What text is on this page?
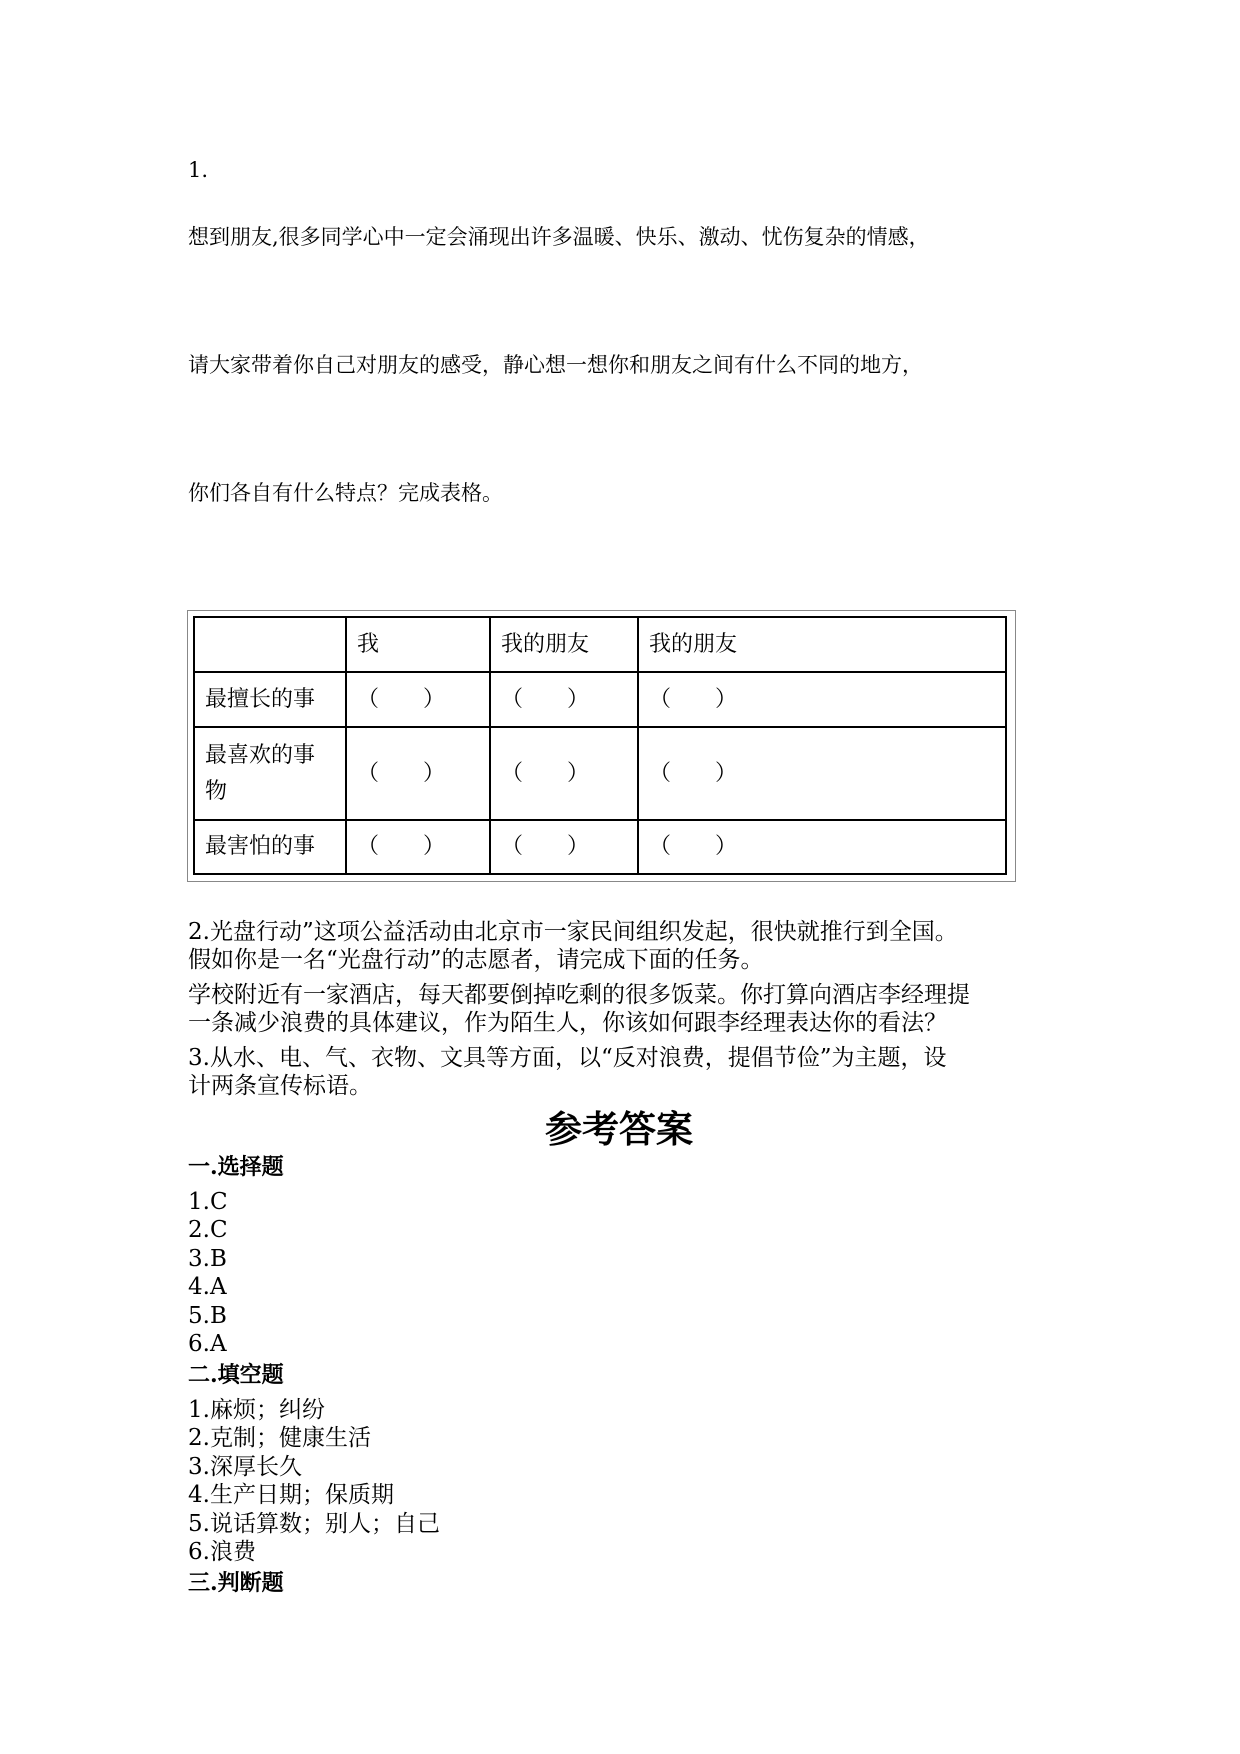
1.
想到朋友,很多同学心中一定会涌现出许多温暖、快乐、激动、忧伤复杂的情感，
请大家带着你自己对朋友的感受，静心想一想你和朋友之间有什么不同的地方，
你们各自有什么特点？完成表格。
	我	我的朋友	我的朋友
最擅长的事	（　　）	（　　）	（　　）
最喜欢的事物	（　　）	（　　）	（　　）
最害怕的事	（　　）	（　　）	（　　）
2.光盘行动”这项公益活动由北京市一家民间组织发起，很快就推行到全国。
假如你是一名“光盘行动”的志愿者，请完成下面的任务。
学校附近有一家酒店，每天都要倒掉吃剩的很多饭菜。你打算向酒店李经理提
一条减少浪费的具体建议，作为陌生人，你该如何跟李经理表达你的看法？
3.从水、电、气、衣物、文具等方面，以“反对浪费，提倡节俭”为主题，设
计两条宣传标语。
参考答案
一.选择题
1.C
2.C
3.B
4.A
5.B
6.A
二.填空题
1.麻烦；纠纷
2.克制；健康生活
3.深厚长久
4.生产日期；保质期
5.说话算数；别人；自己
6.浪费
三.判断题
